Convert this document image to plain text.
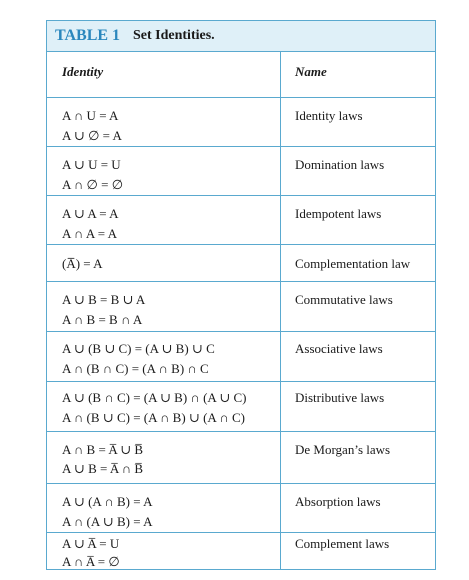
TABLE 1 Set Identities.
Identity	Name
A ∩ U = A
A ∪ ∅ = A
Identity laws
A ∪ U = U
A ∩ ∅ = ∅
Domination laws
A ∪ A = A
A ∩ A = A
Idempotent laws
(A̅̅) = A	Complementation law
A ∪ B = B ∪ A
A ∩ B = B ∩ A
Commutative laws
A ∪ (B ∪ C) = (A ∪ B) ∪ C
A ∩ (B ∩ C) = (A ∩ B) ∩ C
Associative laws
A ∪ (B ∩ C) = (A ∪ B) ∩ (A ∪ C)
A ∩ (B ∪ C) = (A ∩ B) ∪ (A ∩ C)
Distributive laws
A ∩ B = A̅ ∪ B̅
A ∪ B = A̅ ∩ B̅
De Morgan’s laws
A ∪ (A ∩ B) = A
A ∩ (A ∪ B) = A
Absorption laws
A ∪ A̅ = U
A ∩ A̅ = ∅
Complement laws
